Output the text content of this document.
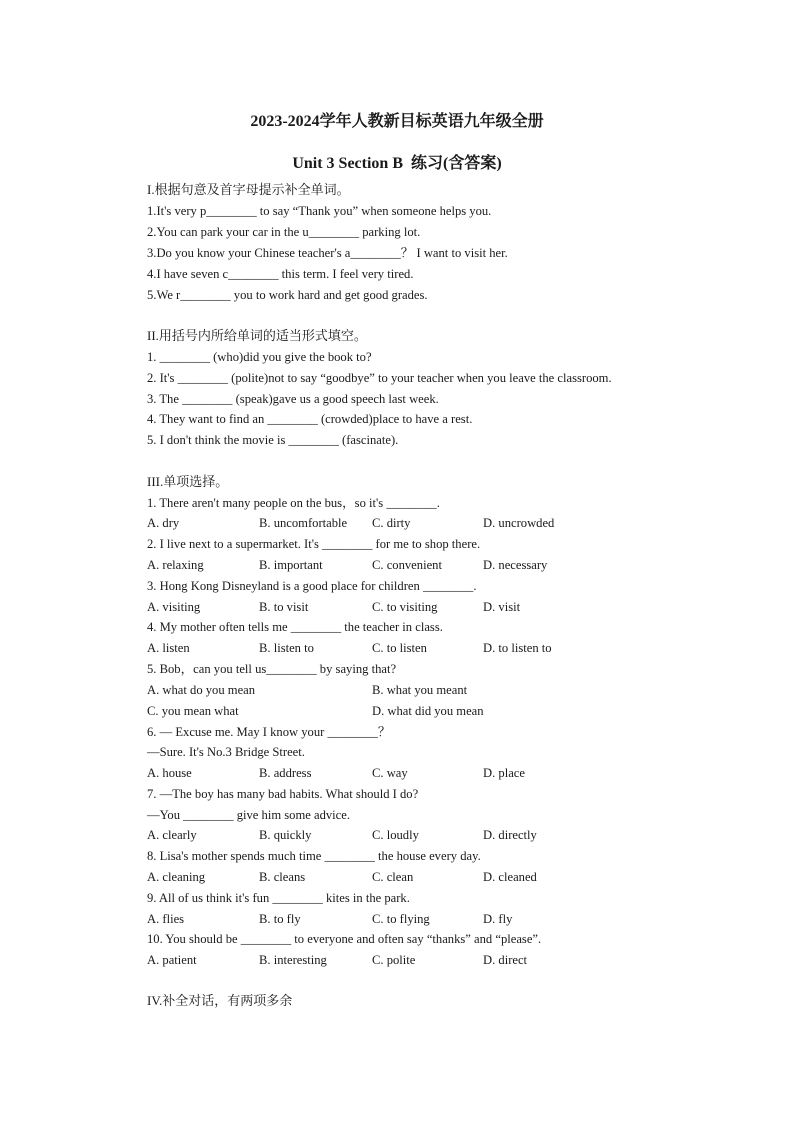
2023-2024学年人教新目标英语九年级全册
Unit 3 Section B  练习(含答案)
I.根据句意及首字母提示补全单词。
1.It's very p________ to say “Thank you” when someone helps you.
2.You can park your car in the u________ parking lot.
3.Do you know your Chinese teacher's a________？ I want to visit her.
4.I have seven c________ this term. I feel very tired.
5.We r________ you to work hard and get good grades.
II.用括号内所给单词的适当形式填空。
1. ________ (who)did you give the book to?
2. It's ________ (polite)not to say “goodbye” to your teacher when you leave the classroom.
3. The ________ (speak)gave us a good speech last week.
4. They want to find an ________ (crowded)place to have a rest.
5. I don't think the movie is ________ (fascinate).
III.单项选择。
1. There aren't many people on the bus，so it's ________.
A. dry	B. uncomfortable C. dirty	D. uncrowded
2. I live next to a supermarket. It's ________ for me to shop there.
A. relaxing	B. important	C. convenient	D. necessary
3. Hong Kong Disneyland is a good place for children ________.
A. visiting	B. to visit	C. to visiting	D. visit
4. My mother often tells me ________ the teacher in class.
A. listen	B. listen to	C. to listen	D. to listen to
5. Bob，can you tell us________ by saying that?
A. what do you mean	B. what you meant
C. you mean what	D. what did you mean
6. — Excuse me. May I know your ________？
—Sure. It's No.3 Bridge Street.
A. house	B. address	C. way	D. place
7. —The boy has many bad habits. What should I do?
—You ________ give him some advice.
A. clearly	B. quickly	C. loudly	D. directly
8. Lisa's mother spends much time ________ the house every day.
A. cleaning	B. cleans	C. clean	D. cleaned
9. All of us think it's fun ________ kites in the park.
A. flies	B. to fly	C. to flying	D. fly
10. You should be ________ to everyone and often say “thanks” and “please”.
A. patient	B. interesting	C. polite	D. direct
IV.补全对话，有两项多余
